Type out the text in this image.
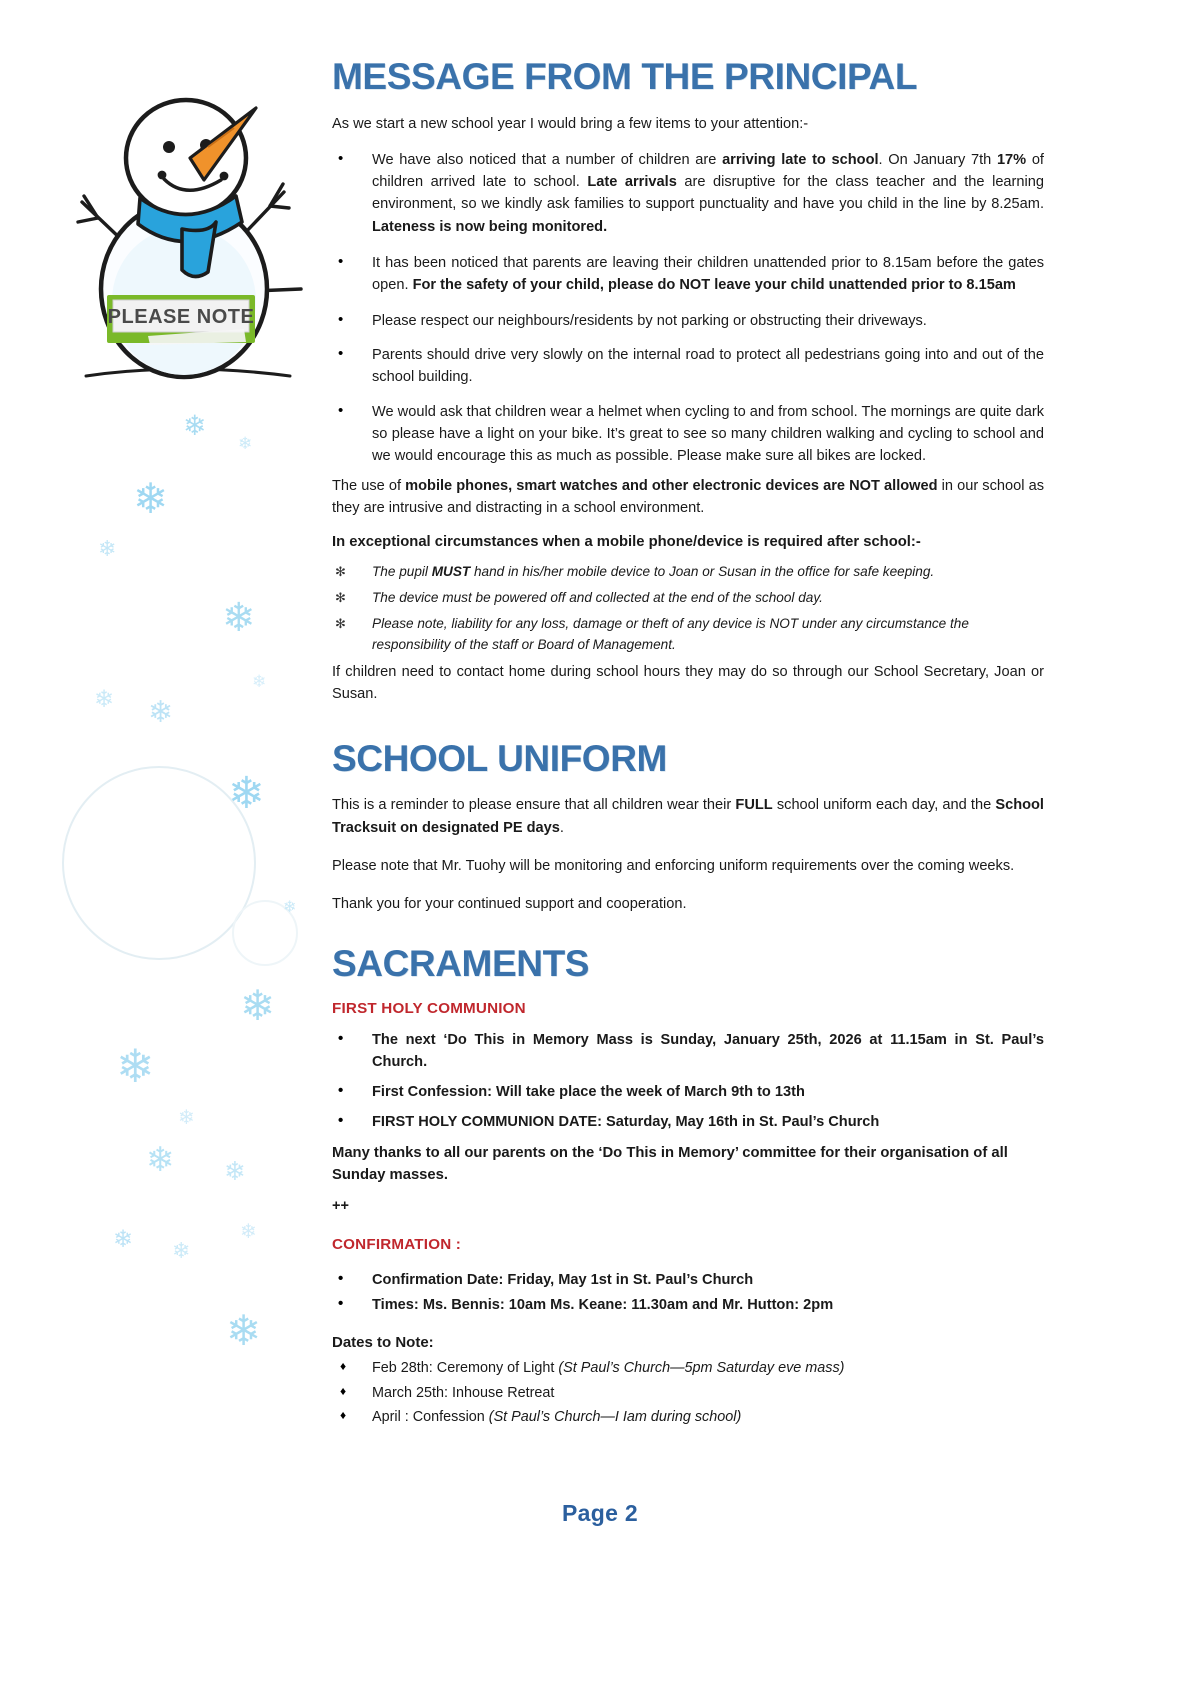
PLEASE NOTE
❄
❄
❄
❄
❄
❄ ❄
❄
❄
❄
❄
❄
❄
❄ ❄
❄ ❄
❄
❄
MESSAGE FROM THE PRINCIPAL

As we start a new school year I would bring a few items to your attention:-

• We have also noticed that a number of children are arriving late to school. On January 7th 17% of children arrived late to school. Late arrivals are disruptive for the class teacher and the learning environment, so we kindly ask families to support punctuality and have you child in the line by 8.25am. Lateness is now being monitored.
• It has been noticed that parents are leaving their children unattended prior to 8.15am before the gates open. For the safety of your child, please do NOT leave your child unattended prior to 8.15am
• Please respect our neighbours/residents by not parking or obstructing their driveways.
• Parents should drive very slowly on the internal road to protect all pedestrians going into and out of the school building.
• We would ask that children wear a helmet when cycling to and from school. The mornings are quite dark so please have a light on your bike. It’s great to see so many children walking and cycling to school and we would encourage this as much as possible. Please make sure all bikes are locked.

The use of mobile phones, smart watches and other electronic devices are NOT allowed in our school as they are intrusive and distracting in a school environment.

In exceptional circumstances when a mobile phone/device is required after school:-

✻ The pupil MUST hand in his/her mobile device to Joan or Susan in the office for safe keeping.
✻ The device must be powered off and collected at the end of the school day.
✻ Please note, liability for any loss, damage or theft of any device is NOT under any circumstance the responsibility of the staff or Board of Management.

If children need to contact home during school hours they may do so through our School Secretary, Joan or Susan.

SCHOOL UNIFORM

This is a reminder to please ensure that all children wear their FULL school uniform each day, and the School Tracksuit on designated PE days.

Please note that Mr. Tuohy will be monitoring and enforcing uniform requirements over the coming weeks.

Thank you for your continued support and cooperation.

SACRAMENTS

FIRST HOLY COMMUNION

• The next ‘Do This in Memory Mass is Sunday, January 25th, 2026 at 11.15am in St. Paul’s Church.
• First Confession: Will take place the week of March 9th to 13th
• FIRST HOLY COMMUNION DATE: Saturday, May 16th in St. Paul’s Church

Many thanks to all our parents on the ‘Do This in Memory’ committee for their organisation of all Sunday masses.

++

CONFIRMATION :

• Confirmation Date: Friday, May 1st in St. Paul’s Church
• Times: Ms. Bennis: 10am Ms. Keane: 11.30am and Mr. Hutton: 2pm

Dates to Note:

♦ Feb 28th: Ceremony of Light (St Paul’s Church—5pm Saturday eve mass)
♦ March 25th: Inhouse Retreat
♦ April : Confession (St Paul’s Church—I Iam during school)
Page 2
